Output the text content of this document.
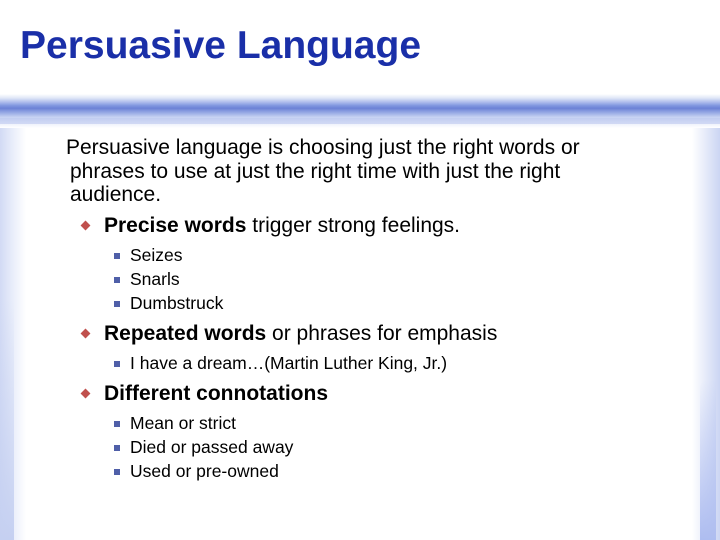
Persuasive Language

Persuasive language is choosing just the right words or
phrases to use at just the right time with just the right
audience.

Precise words trigger strong feelings.
Seizes
Snarls
Dumbstruck
Repeated words or phrases for emphasis
I have a dream…(Martin Luther King, Jr.)
Different connotations
Mean or strict
Died or passed away
Used or pre-owned
